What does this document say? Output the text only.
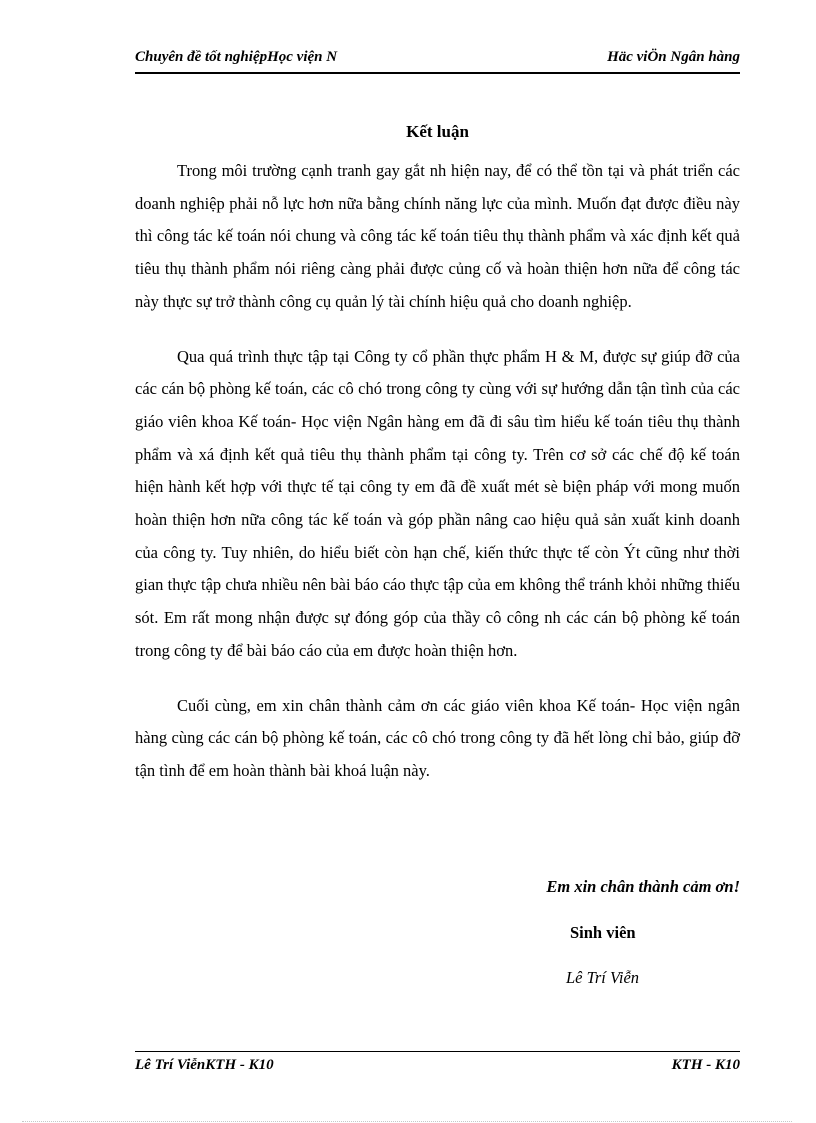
Chuyên đề tốt nghiệpHọc viện N	Häc viÖn Ngân hàng
Kết luận

Trong môi trường cạnh tranh gay gắt nh hiện nay, để có thể tồn tại và phát triển các doanh nghiệp phải nỗ lực hơn nữa bằng chính năng lực của mình. Muốn đạt được điều này thì công tác kế toán nói chung và công tác kế toán tiêu thụ thành phẩm và xác định kết quả tiêu thụ thành phẩm nói riêng càng phải được củng cố và hoàn thiện hơn nữa để công tác này thực sự trở thành công cụ quản lý tài chính hiệu quả cho doanh nghiệp.

Qua quá trình thực tập tại Công ty cổ phần thực phẩm H & M, được sự giúp đỡ của các cán bộ phòng kế toán, các cô chó trong công ty cùng với sự hướng dẫn tận tình của các giáo viên khoa Kế toán- Học viện Ngân hàng em đã đi sâu tìm hiểu kế toán tiêu thụ thành phẩm và xá định kết quả tiêu thụ thành phẩm tại công ty. Trên cơ sở các chế độ kế toán hiện hành kết hợp với thực tế tại công ty em đã đề xuất mét sè biện pháp với mong muốn hoàn thiện hơn nữa công tác kế toán và góp phần nâng cao hiệu quả sản xuất kinh doanh của công ty. Tuy nhiên, do hiểu biết còn hạn chế, kiến thức thực tế còn Ýt cũng như thời gian thực tập chưa nhiều nên bài báo cáo thực tập của em không thể tránh khỏi những thiếu sót. Em rất mong nhận được sự đóng góp của thầy cô công nh các cán bộ phòng kế toán trong công ty để bài báo cáo của em được hoàn thiện hơn.

Cuối cùng, em xin chân thành cảm ơn các giáo viên khoa Kế toán- Học viện ngân hàng cùng các cán bộ phòng kế toán, các cô chó trong công ty đã hết lòng chỉ bảo, giúp đỡ tận tình để em hoàn thành bài khoá luận này.

Em xin chân thành cảm ơn!
Sinh viên
Lê Trí Viễn
Lê Trí ViễnKTH - K10	KTH - K10
